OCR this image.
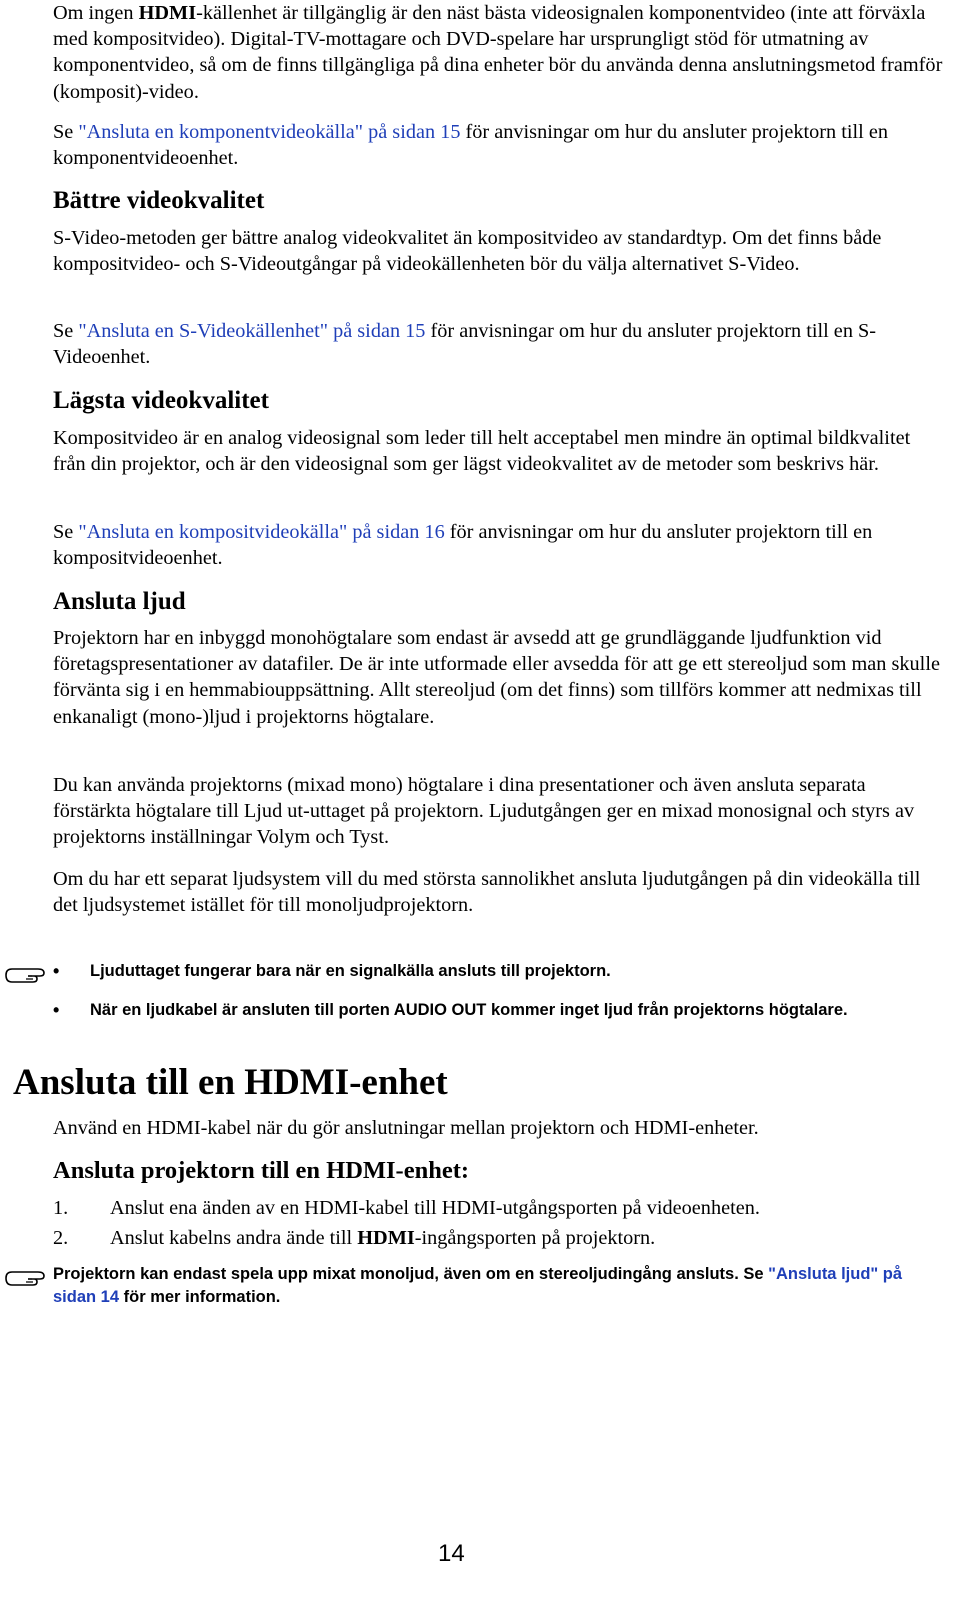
Om ingen HDMI-källenhet är tillgänglig är den näst bästa videosignalen komponentvideo (inte att förväxla med kompositvideo). Digital-TV-mottagare och DVD-spelare har ursprungligt stöd för utmatning av komponentvideo, så om de finns tillgängliga på dina enheter bör du använda denna anslutningsmetod framför (komposit)-video.

Se "Ansluta en komponentvideokälla" på sidan 15 för anvisningar om hur du ansluter projektorn till en komponentvideoenhet.

Bättre videokvalitet

S-Video-metoden ger bättre analog videokvalitet än kompositvideo av standardtyp. Om det finns både kompositvideo- och S-Videoutgångar på videokällenheten bör du välja alternativet S-Video.

Se "Ansluta en S-Videokällenhet" på sidan 15 för anvisningar om hur du ansluter projektorn till en S-Videoenhet.

Lägsta videokvalitet

Kompositvideo är en analog videosignal som leder till helt acceptabel men mindre än optimal bildkvalitet från din projektor, och är den videosignal som ger lägst videokvalitet av de metoder som beskrivs här.

Se "Ansluta en kompositvideokälla" på sidan 16 för anvisningar om hur du ansluter projektorn till en kompositvideoenhet.

Ansluta ljud

Projektorn har en inbyggd monohögtalare som endast är avsedd att ge grundläggande ljudfunktion vid företagspresentationer av datafiler. De är inte utformade eller avsedda för att ge ett stereoljud som man skulle förvänta sig i en hemmabiouppsättning. Allt stereoljud (om det finns) som tillförs kommer att nedmixas till enkanaligt (mono-)ljud i projektorns högtalare.

Du kan använda projektorns (mixad mono) högtalare i dina presentationer och även ansluta separata förstärkta högtalare till Ljud ut-uttaget på projektorn. Ljudutgången ger en mixad monosignal och styrs av projektorns inställningar Volym och Tyst.

Om du har ett separat ljudsystem vill du med största sannolikhet ansluta ljudutgången på din videokälla till det ljudsystemet istället för till monoljudprojektorn.

• Ljuduttaget fungerar bara när en signalkälla ansluts till projektorn.

• När en ljudkabel är ansluten till porten AUDIO OUT kommer inget ljud från projektorns högtalare.

Ansluta till en HDMI-enhet

Använd en HDMI-kabel när du gör anslutningar mellan projektorn och HDMI-enheter.

Ansluta projektorn till en HDMI-enhet:
1. Anslut ena änden av en HDMI-kabel till HDMI-utgångsporten på videoenheten.

2. Anslut kabelns andra ände till HDMI-ingångsporten på projektorn.

Projektorn kan endast spela upp mixat monoljud, även om en stereoljudingång ansluts. Se "Ansluta ljud" på sidan 14 för mer information.

14
